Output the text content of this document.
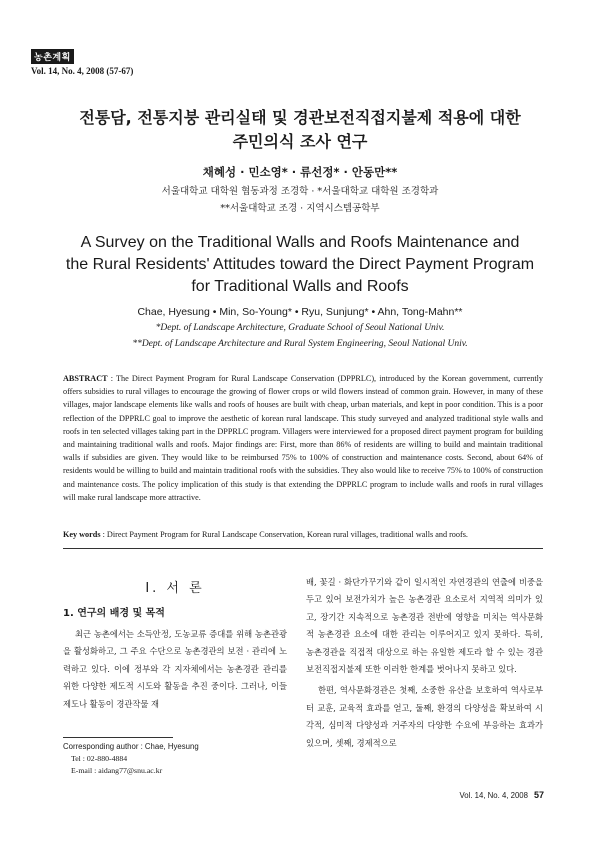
농촌계획
Vol. 14, No. 4, 2008 (57-67)
전통담, 전통지붕 관리실태 및 경관보전직접지불제 적용에 대한
주민의식 조사 연구
채혜성 · 민소영* · 류선정* · 안동만**
서울대학교 대학원 협동과정 조경학 · *서울대학교 대학원 조경학과
**서울대학교 조경 · 지역시스템공학부
A Survey on the Traditional Walls and Roofs Maintenance and
the Rural Residents' Attitudes toward the Direct Payment Program
for Traditional Walls and Roofs
Chae, Hyesung • Min, So-Young* • Ryu, Sunjung* • Ahn, Tong-Mahn**
*Dept. of Landscape Architecture, Graduate School of Seoul National Univ.
**Dept. of Landscape Architecture and Rural System Engineering, Seoul National Univ.
ABSTRACT : The Direct Payment Program for Rural Landscape Conservation (DPPRLC), introduced by the Korean government, currently offers subsidies to rural villages to encourage the growing of flower crops or wild flowers instead of common grain. However, in many of these villages, major landscape elements like walls and roofs of houses are built with cheap, urban materials, and kept in poor condition. This is a poor reflection of the DPPRLC goal to improve the aesthetic of korean rural landscape. This study surveyed and analyzed traditional style walls and roofs in ten selected villages taking part in the DPPRLC program. Villagers were interviewed for a proposed direct payment program for building and maintaining traditional walls and roofs. Major findings are: First, more than 86% of residents are willing to build and maintain traditional walls if subsidies are given. They would like to be reimbursed 75% to 100% of construction and maintenance costs. Second, about 64% of residents would be willing to build and maintain traditional roofs with the subsidies. They also would like to receive 75% to 100% of construction and maintenance costs. The policy implication of this study is that extending the DPPRLC program to include walls and roofs in rural villages will make rural landscape more attractive.
Key words : Direct Payment Program for Rural Landscape Conservation, Korean rural villages, traditional walls and roofs.
I. 서 론
1. 연구의 배경 및 목적

최근 농촌에서는 소득안정, 도농교류 증대를 위해 농촌관광을 활성화하고, 그 주요 수단으로 농촌경관의 보전 · 관리에 노력하고 있다. 이에 정부와 각 지자체에서는 농촌경관 관리를 위한 다양한 제도적 시도와 활동을 추진 중이다. 그러나, 이들 제도나 활동이 경관작물 재

배, 꽃길 · 화단가꾸기와 같이 일시적인 자연경관의 연출에 비중을 두고 있어 보전가치가 높은 농촌경관 요소로서 지역적 의미가 있고, 장기간 지속적으로 농촌경관 전반에 영향을 미치는 역사문화적 농촌경관 요소에 대한 관리는 이루어지고 있지 못하다. 특히, 농촌경관을 직접적 대상으로 하는 유일한 제도라 할 수 있는 경관보전직접지불제 또한 이러한 한계를 벗어나지 못하고 있다.

한편, 역사문화경관은 첫째, 소중한 유산을 보호하여 역사로부터 교훈, 교육적 효과를 얻고, 둘째, 환경의 다양성을 확보하여 시각적, 심미적 다양성과 거주자의 다양한 수요에 부응하는 효과가 있으며, 셋째, 경제적으로

Corresponding author : Chae, Hyesung
Tel : 02-880-4884
E-mail : aidang77@snu.ac.kr
Vol. 14, No. 4, 2008 57
